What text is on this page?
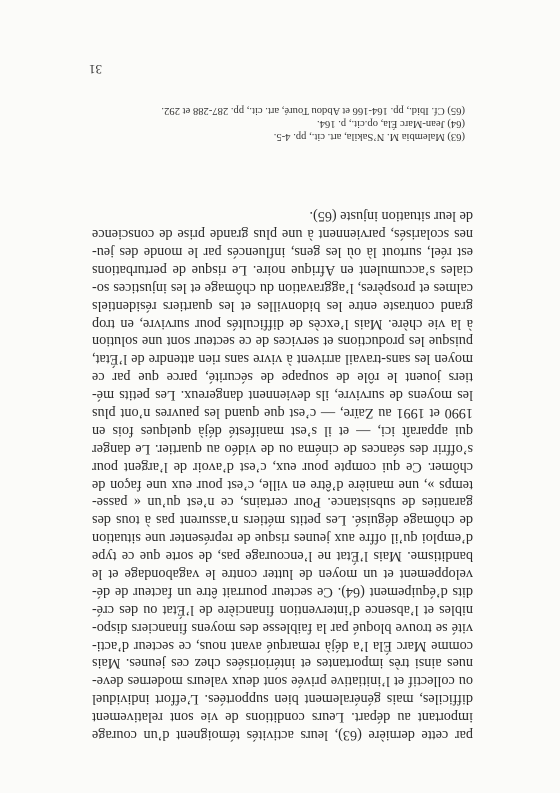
par cette dernière (63), leurs activités témoignent d’un courage
important au départ. Leurs conditions de vie sont relativement
difficiles, mais généralement bien supportées. L’effort individuel
ou collectif et l’initiative privée sont deux valeurs modernes deve-
nues ainsi très importantes et intériorisées chez ces jeunes. Mais
comme Marc Éla l’a déjà remarqué avant nous, ce secteur d’acti-
vité se trouve bloqué par la faiblesse des moyens financiers dispo-
nibles et l’absence d’intervention financière de l’État ou des cré-
dits d’équipement (64). Ce secteur pourrait être un facteur de dé-
veloppement et un moyen de lutter contre le vagabondage et le
banditisme. Mais l’État ne l’encourage pas, de sorte que ce type
d’emploi qu’il offre aux jeunes risque de représenter une situation
de chômage déguisé. Les petits métiers n’assurent pas à tous des
garanties de subsistance. Pour certains, ce n’est qu’un « passe-
temps », une manière d’être en ville, c’est pour eux une façon de
chômer. Ce qui compte pour eux, c’est d’avoir de l’argent pour
s’offrir des séances de cinéma ou de vidéo au quartier. Le danger
qui apparaît ici, — et il s’est manifesté déjà quelques fois en
1990 et 1991 au Zaïre, — c’est que quand les pauvres n’ont plus
les moyens de survivre, ils deviennent dangereux. Les petits mé-
tiers jouent le rôle de soupape de sécurité, parce que par ce
moyen les sans-travail arrivent à vivre sans rien attendre de l’État,
puisque les productions et services de ce secteur sont une solution
à la vie chère. Mais l’excès de difficultés pour survivre, en trop
grand contraste entre les bidonvilles et les quartiers résidentiels
calmes et prospères, l’aggravation du chômage et les injustices so-
ciales s’accumulent en Afrique noire. Le risque de perturbations
est réel, surtout là où les gens, influencés par le monde des jeu-
nes scolarisés, parviennent à une plus grande prise de conscience
de leur situation injuste (65).
(63) Malembia M. N’Sakila, art. cit., pp. 4-5.
(64) Jean-Marc Éla, op.cit., p. 164.
(65) Cf. Ibid., pp. 164-166 et Abdou Touré, art. cit., pp. 287-288 et 292.
31
